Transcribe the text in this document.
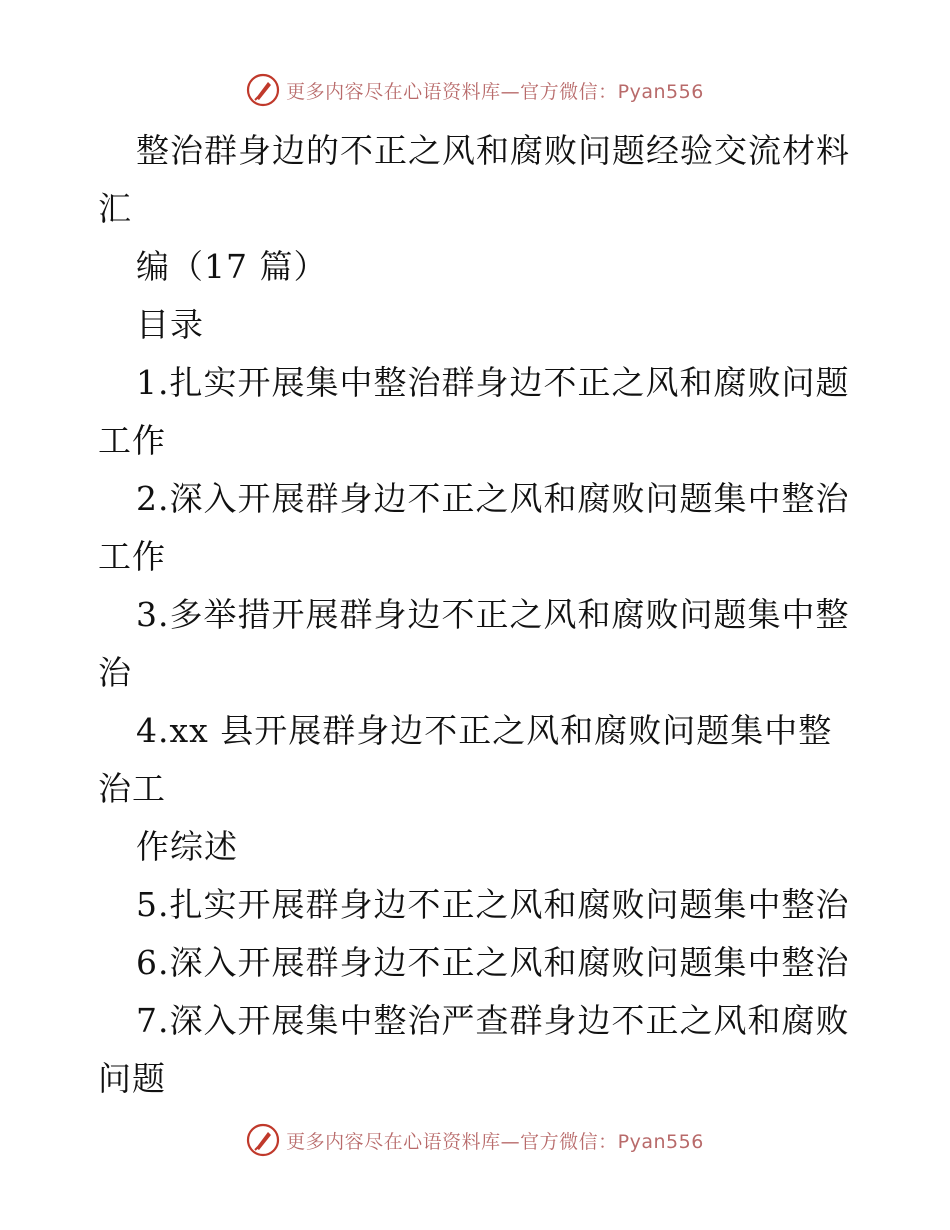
更多内容尽在心语资料库—官方微信：Pyan556
整治群身边的不正之风和腐败问题经验交流材料
汇
编（17 篇）
目录
1.扎实开展集中整治群身边不正之风和腐败问题
工作
2.深入开展群身边不正之风和腐败问题集中整治
工作
3.多举措开展群身边不正之风和腐败问题集中整
治
4.xx 县开展群身边不正之风和腐败问题集中整
治工
作综述
5.扎实开展群身边不正之风和腐败问题集中整治
6.深入开展群身边不正之风和腐败问题集中整治
7.深入开展集中整治严查群身边不正之风和腐败
问题
更多内容尽在心语资料库—官方微信：Pyan556
